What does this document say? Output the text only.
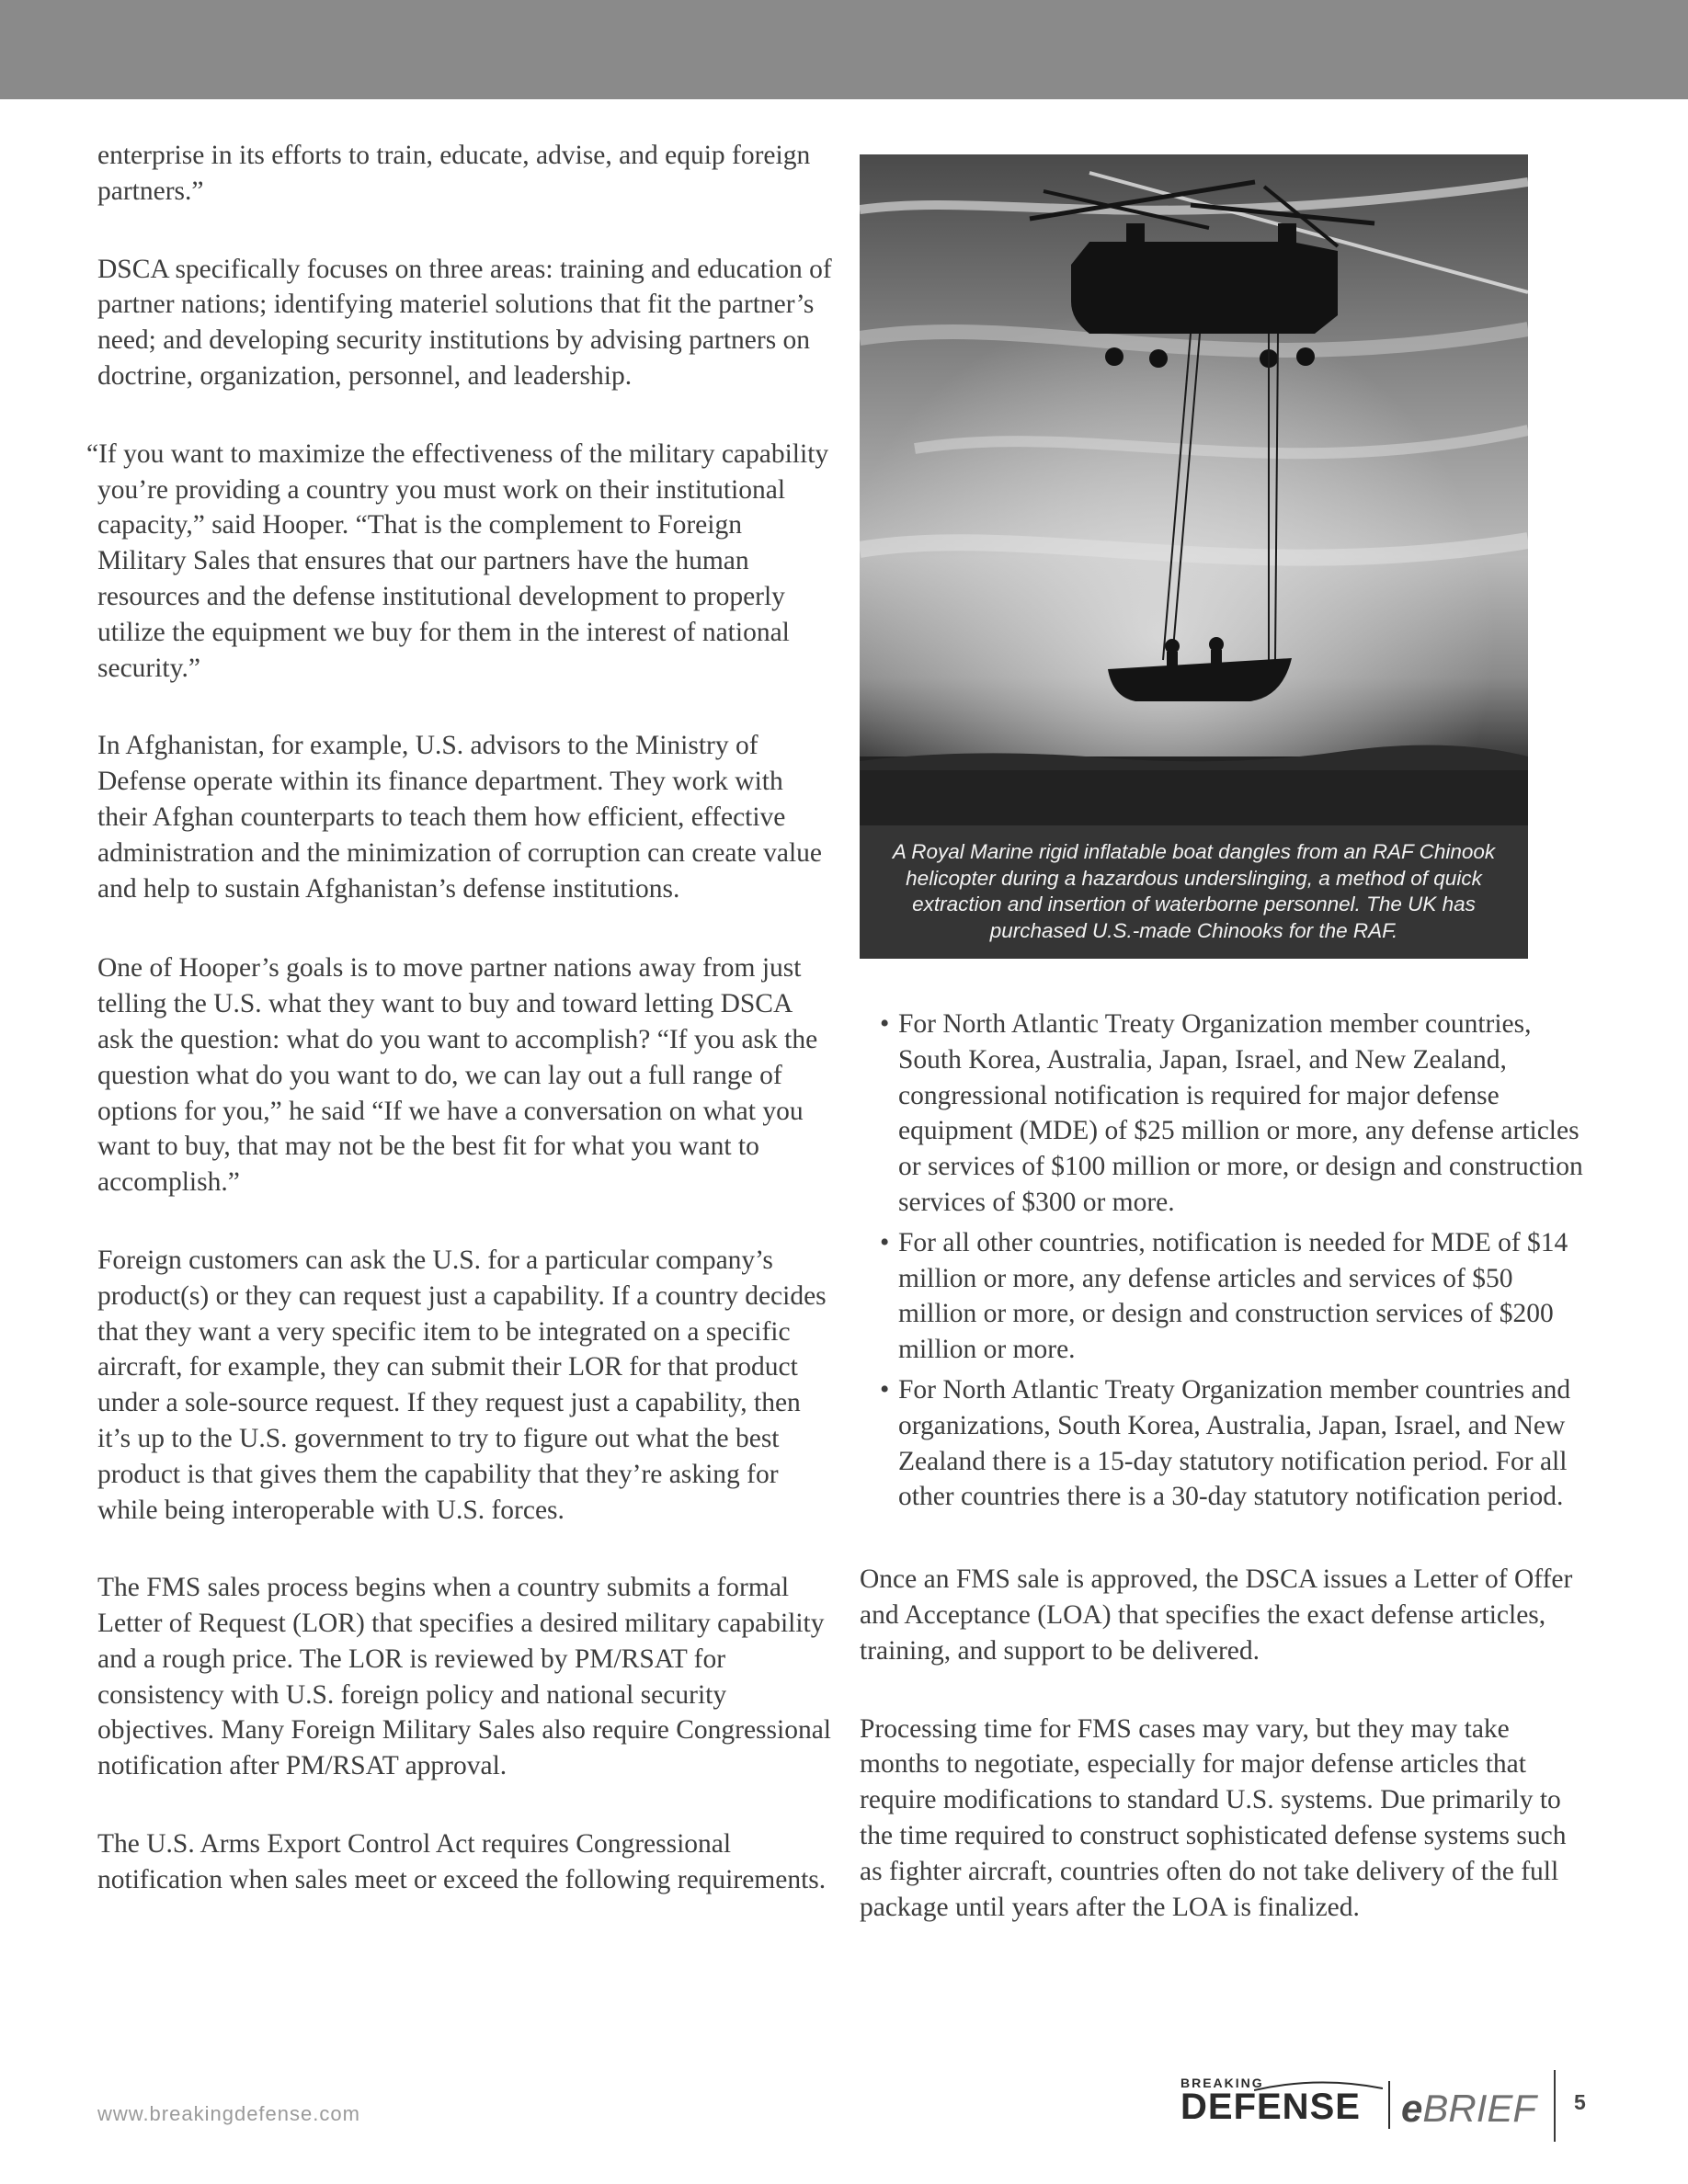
enterprise in its efforts to train, educate, advise, and equip foreign partners.”

DSCA specifically focuses on three areas: training and education of partner nations; identifying materiel solutions that fit the partner’s need; and developing security institutions by advising partners on doctrine, organization, personnel, and leadership.

“If you want to maximize the effectiveness of the military capability you’re providing a country you must work on their institutional capacity,” said Hooper. “That is the complement to Foreign Military Sales that ensures that our partners have the human resources and the defense institutional development to properly utilize the equipment we buy for them in the interest of national security.”

In Afghanistan, for example, U.S. advisors to the Ministry of Defense operate within its finance department. They work with their Afghan counterparts to teach them how efficient, effective administration and the minimization of corruption can create value and help to sustain Afghanistan’s defense institutions.

One of Hooper’s goals is to move partner nations away from just telling the U.S. what they want to buy and toward letting DSCA ask the question: what do you want to accomplish? “If you ask the question what do you want to do, we can lay out a full range of options for you,” he said “If we have a conversation on what you want to buy, that may not be the best fit for what you want to accomplish.”

Foreign customers can ask the U.S. for a particular company’s product(s) or they can request just a capability. If a country decides that they want a very specific item to be integrated on a specific aircraft, for example, they can submit their LOR for that product under a sole-source request. If they request just a capability, then it’s up to the U.S. government to try to figure out what the best product is that gives them the capability that they’re asking for while being interoperable with U.S. forces.

The FMS sales process begins when a country submits a formal Letter of Request (LOR) that specifies a desired military capability and a rough price. The LOR is reviewed by PM/RSAT for consistency with U.S. foreign policy and national security objectives. Many Foreign Military Sales also require Congressional notification after PM/RSAT approval.

The U.S. Arms Export Control Act requires Congressional notification when sales meet or exceed the following requirements.

A Royal Marine rigid inflatable boat dangles from an RAF Chinook helicopter during a hazardous underslinging, a method of quick extraction and insertion of waterborne personnel. The UK has purchased U.S.-made Chinooks for the RAF.
• For North Atlantic Treaty Organization member countries, South Korea, Australia, Japan, Israel, and New Zealand, congressional notification is required for major defense equipment (MDE) of $25 million or more, any defense articles or services of $100 million or more, or design and construction services of $300 or more.
• For all other countries, notification is needed for MDE of $14 million or more, any defense articles and services of $50 million or more, or design and construction services of $200 million or more.
• For North Atlantic Treaty Organization member countries and organizations, South Korea, Australia, Japan, Israel, and New Zealand there is a 15-day statutory notification period. For all other countries there is a 30-day statutory notification period.

Once an FMS sale is approved, the DSCA issues a Letter of Offer and Acceptance (LOA) that specifies the exact defense articles, training, and support to be delivered.

Processing time for FMS cases may vary, but they may take months to negotiate, especially for major defense articles that require modifications to standard U.S. systems. Due primarily to the time required to construct sophisticated defense systems such as fighter aircraft, countries often do not take delivery of the full package until years after the LOA is finalized.

www.breakingdefense.com
BREAKING
DEFENSE eBRIEF 5
